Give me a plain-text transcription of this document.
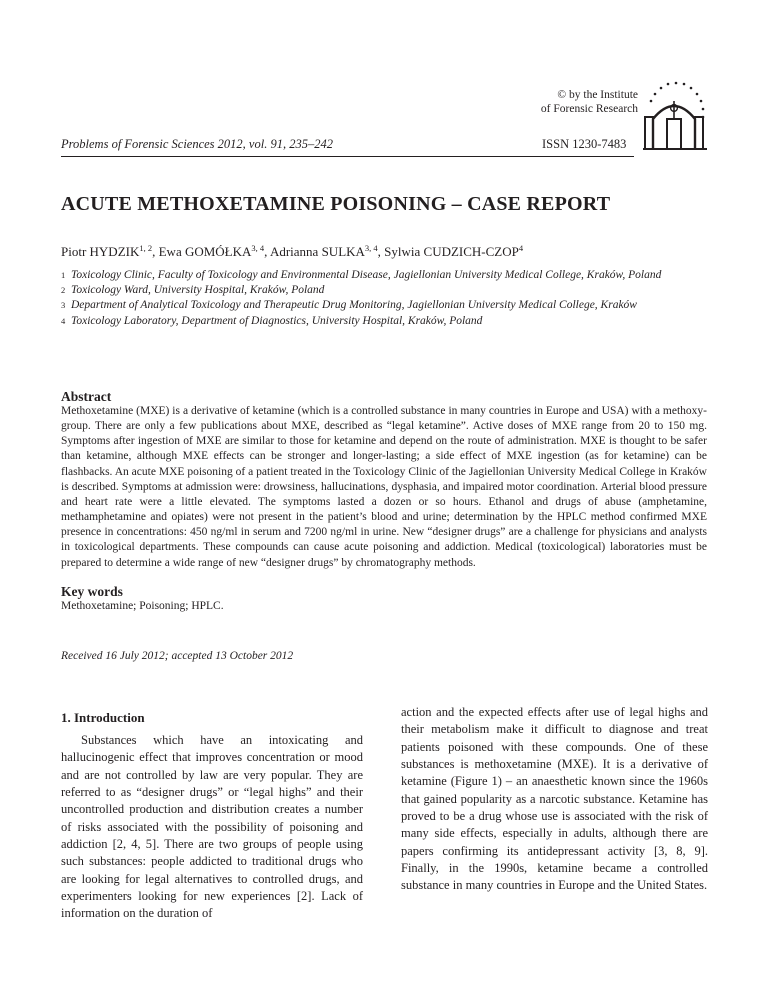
© by the Institute
of Forensic Research
Problems of Forensic Sciences 2012, vol. 91, 235–242	ISSN 1230-7483
ACUTE METHOXETAMINE POISONING – CASE REPORT
Piotr HYDZIK$^{1, 2}$, Ewa GOMÓŁKA$^{3, 4}$, Adrianna SULKA$^{3, 4}$, Sylwia CUDZICH-CZOP$^4$
1 Toxicology Clinic, Faculty of Toxicology and Environmental Disease, Jagiellonian University Medical College, Kraków, Poland
2 Toxicology Ward, University Hospital, Kraków, Poland
3 Department of Analytical Toxicology and Therapeutic Drug Monitoring, Jagiellonian University Medical College, Kraków
4 Toxicology Laboratory, Department of Diagnostics, University Hospital, Kraków, Poland
Abstract
Methoxetamine (MXE) is a derivative of ketamine (which is a controlled substance in many countries in Europe and USA) with a methoxy-group. There are only a few publications about MXE, described as “legal ketamine”. Active doses of MXE range from 20 to 150 mg. Symptoms after ingestion of MXE are similar to those for ketamine and depend on the route of administration. MXE is thought to be safer than ketamine, although MXE effects can be stronger and longer-lasting; a side effect of MXE ingestion (as for ketamine) can be flashbacks. An acute MXE poisoning of a patient treated in the Toxicology Clinic of the Jagiellonian University Medical College in Kraków is described. Symptoms at admission were: drowsiness, hallucinations, dysphasia, and impaired motor coordination. Arterial blood pressure and heart rate were a little elevated. The symptoms lasted a dozen or so hours. Ethanol and drugs of abuse (amphetamine, methamphetamine and opiates) were not present in the patient’s blood and urine; determination by the HPLC method confirmed MXE presence in concentrations: 450 ng/ml in serum and 7200 ng/ml in urine. New “designer drugs” are a challenge for physicians and analysts in toxicological departments. These compounds can cause acute poisoning and addiction. Medical (toxicological) laboratories must be prepared to determine a wide range of new “designer drugs” by chromatography methods.
Key words
Methoxetamine; Poisoning; HPLC.
Received 16 July 2012; accepted 13 October 2012
1. Introduction
Substances which have an intoxicating and hallucinogenic effect that improves concentration or mood and are not controlled by law are very popular. They are referred to as “designer drugs” or “legal highs” and their uncontrolled production and distribution creates a number of risks associated with the possibility of poisoning and addiction [2, 4, 5]. There are two groups of people using such substances: people addicted to traditional drugs who are looking for legal alternatives to controlled drugs, and experimenters looking for new experiences [2]. Lack of information on the duration of
action and the expected effects after use of legal highs and their metabolism make it difficult to diagnose and treat patients poisoned with these compounds. One of these substances is methoxetamine (MXE). It is a derivative of ketamine (Figure 1) – an anaesthetic known since the 1960s that gained popularity as a narcotic substance. Ketamine has proved to be a drug whose use is associated with the risk of many side effects, especially in adults, although there are papers confirming its antidepressant activity [3, 8, 9]. Finally, in the 1990s, ketamine became a controlled substance in many countries in Europe and the United States.
